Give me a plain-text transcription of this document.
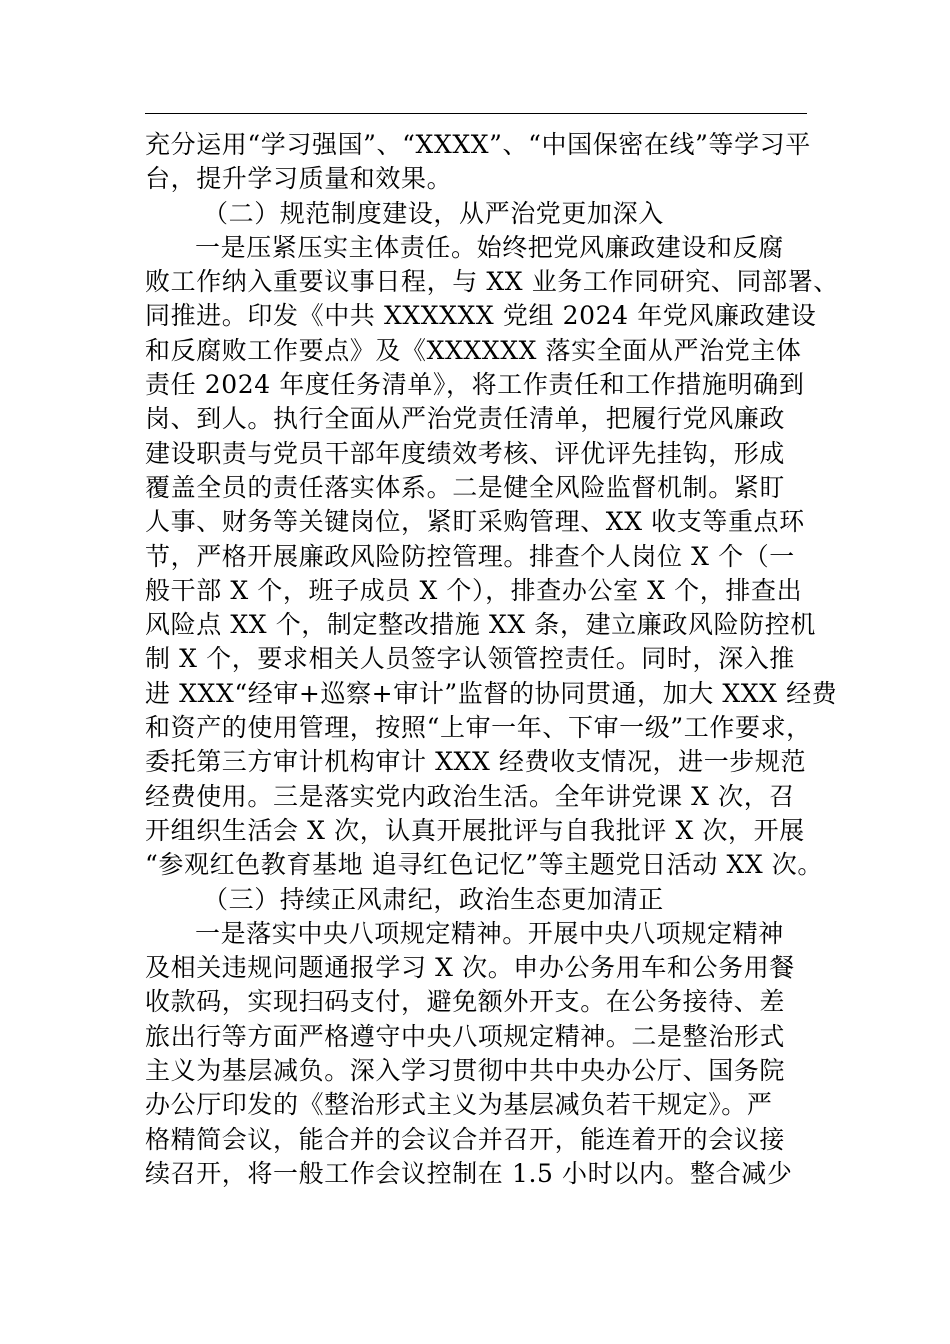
充分运用“学习强国”、“XXXX”、“中国保密在线”等学习平
台，提升学习质量和效果。
（二）规范制度建设，从严治党更加深入
一是压紧压实主体责任。始终把党风廉政建设和反腐
败工作纳入重要议事日程，与 XX 业务工作同研究、同部署、
同推进。印发《中共 XXXXXX 党组 2024 年党风廉政建设
和反腐败工作要点》及《XXXXXX 落实全面从严治党主体
责任 2024 年度任务清单》，将工作责任和工作措施明确到
岗、到人。执行全面从严治党责任清单，把履行党风廉政
建设职责与党员干部年度绩效考核、评优评先挂钩，形成
覆盖全员的责任落实体系。二是健全风险监督机制。紧盯
人事、财务等关键岗位，紧盯采购管理、XX 收支等重点环
节，严格开展廉政风险防控管理。排查个人岗位 X 个（一
般干部 X 个，班子成员 X 个），排查办公室 X 个，排查出
风险点 XX 个，制定整改措施 XX 条，建立廉政风险防控机
制 X 个，要求相关人员签字认领管控责任。同时，深入推
进 XXX“经审+巡察+审计”监督的协同贯通，加大 XXX 经费
和资产的使用管理，按照“上审一年、下审一级”工作要求，
委托第三方审计机构审计 XXX 经费收支情况，进一步规范
经费使用。三是落实党内政治生活。全年讲党课 X 次，召
开组织生活会 X 次，认真开展批评与自我批评 X 次，开展
“参观红色教育基地 追寻红色记忆”等主题党日活动 XX 次。
（三）持续正风肃纪，政治生态更加清正
一是落实中央八项规定精神。开展中央八项规定精神
及相关违规问题通报学习 X 次。申办公务用车和公务用餐
收款码，实现扫码支付，避免额外开支。在公务接待、差
旅出行等方面严格遵守中央八项规定精神。二是整治形式
主义为基层减负。深入学习贯彻中共中央办公厅、国务院
办公厅印发的《整治形式主义为基层减负若干规定》。严
格精简会议，能合并的会议合并召开，能连着开的会议接
续召开，将一般工作会议控制在 1.5 小时以内。整合减少
